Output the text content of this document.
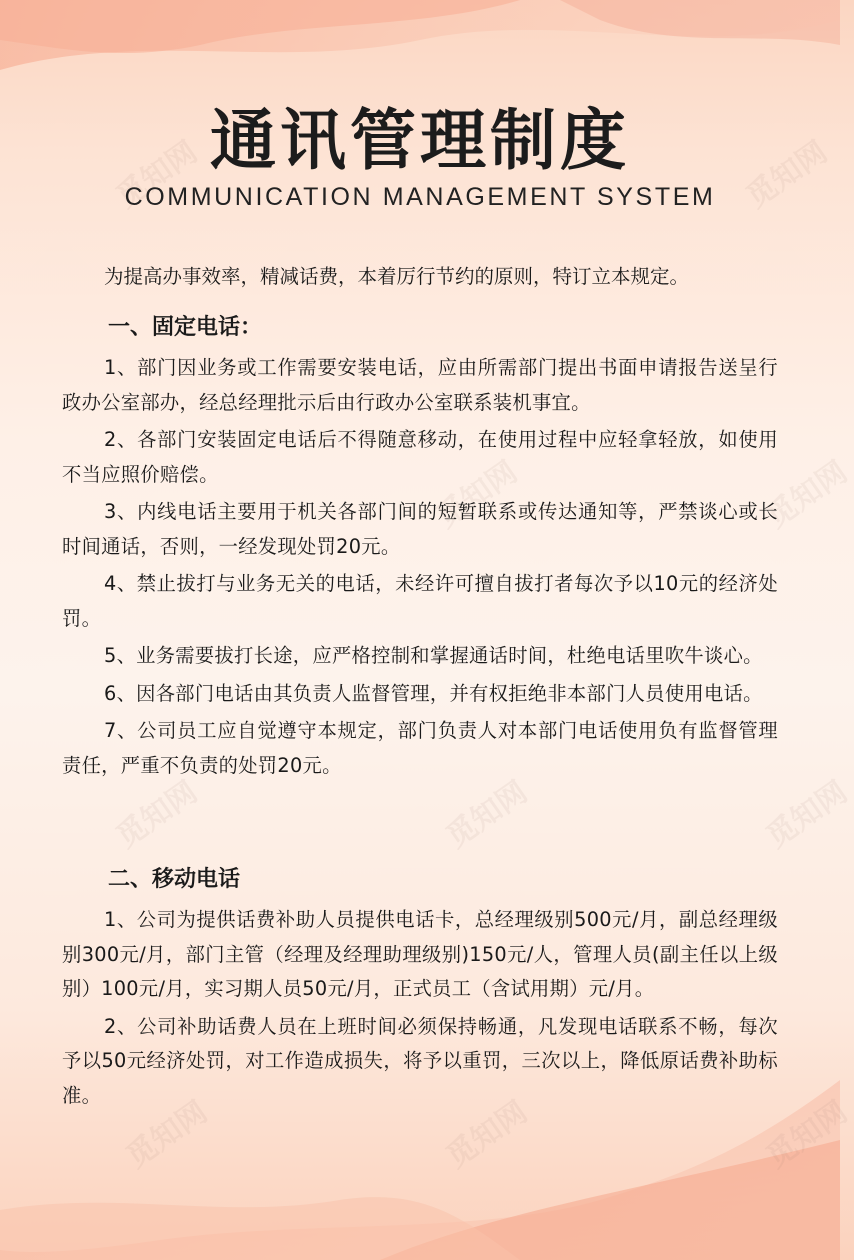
觅知网	觅知网
觅知网	觅知网
觅知网	觅知网	觅知网
觅知网	觅知网	觅知网
通讯管理制度
COMMUNICATION MANAGEMENT SYSTEM

为提高办事效率，精减话费，本着厉行节约的原则，特订立本规定。

一、固定电话：

1、部门因业务或工作需要安装电话，应由所需部门提出书面申请报告送呈行政办公室部办，经总经理批示后由行政办公室联系装机事宜。

2、各部门安装固定电话后不得随意移动，在使用过程中应轻拿轻放，如使用不当应照价赔偿。

3、内线电话主要用于机关各部门间的短暂联系或传达通知等，严禁谈心或长时间通话，否则，一经发现处罚20元。

4、禁止拔打与业务无关的电话，未经许可擅自拔打者每次予以10元的经济处罚。

5、业务需要拔打长途，应严格控制和掌握通话时间，杜绝电话里吹牛谈心。

6、因各部门电话由其负责人监督管理，并有权拒绝非本部门人员使用电话。

7、公司员工应自觉遵守本规定，部门负责人对本部门电话使用负有监督管理责任，严重不负责的处罚20元。

二、移动电话

1、公司为提供话费补助人员提供电话卡，总经理级别500元/月，副总经理级别300元/月，部门主管（经理及经理助理级别)150元/人，管理人员(副主任以上级别）100元/月，实习期人员50元/月，正式员工（含试用期）元/月。

2、公司补助话费人员在上班时间必须保持畅通，凡发现电话联系不畅，每次予以50元经济处罚，对工作造成损失，将予以重罚，三次以上，降低原话费补助标准。
